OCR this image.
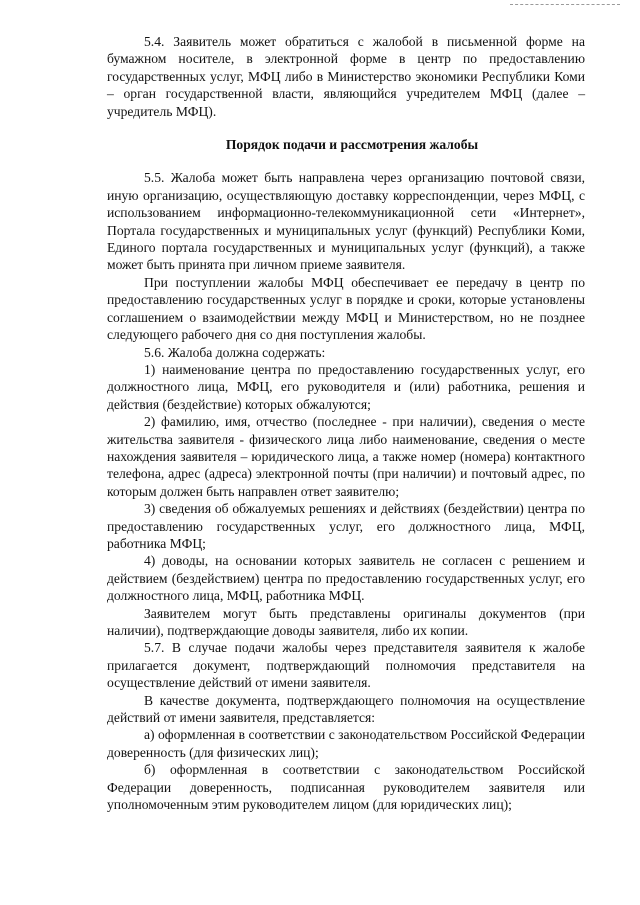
5.4. Заявитель может обратиться с жалобой в письменной форме на бумажном носителе, в электронной форме в центр по предоставлению государственных услуг, МФЦ либо в Министерство экономики Республики Коми – орган государственной власти, являющийся учредителем МФЦ (далее – учредитель МФЦ).

Порядок подачи и рассмотрения жалобы

5.5. Жалоба может быть направлена через организацию почтовой связи, иную организацию, осуществляющую доставку корреспонденции, через МФЦ, с использованием информационно-телекоммуникационной сети «Интернет», Портала государственных и муниципальных услуг (функций) Республики Коми, Единого портала государственных и муниципальных услуг (функций), а также может быть принята при личном приеме заявителя.

При поступлении жалобы МФЦ обеспечивает ее передачу в центр по предоставлению государственных услуг в порядке и сроки, которые установлены соглашением о взаимодействии между МФЦ и Министерством, но не позднее следующего рабочего дня со дня поступления жалобы.

5.6. Жалоба должна содержать:

1) наименование центра по предоставлению государственных услуг, его должностного лица, МФЦ, его руководителя и (или) работника, решения и действия (бездействие) которых обжалуются;

2) фамилию, имя, отчество (последнее - при наличии), сведения о месте жительства заявителя - физического лица либо наименование, сведения о месте нахождения заявителя – юридического лица, а также номер (номера) контактного телефона, адрес (адреса) электронной почты (при наличии) и почтовый адрес, по которым должен быть направлен ответ заявителю;

3) сведения об обжалуемых решениях и действиях (бездействии) центра по предоставлению государственных услуг, его должностного лица, МФЦ, работника МФЦ;

4) доводы, на основании которых заявитель не согласен с решением и действием (бездействием) центра по предоставлению государственных услуг, его должностного лица, МФЦ, работника МФЦ.

Заявителем могут быть представлены оригиналы документов (при наличии), подтверждающие доводы заявителя, либо их копии.

5.7. В случае подачи жалобы через представителя заявителя к жалобе прилагается документ, подтверждающий полномочия представителя на осуществление действий от имени заявителя.

В качестве документа, подтверждающего полномочия на осуществление действий от имени заявителя, представляется:

а) оформленная в соответствии с законодательством Российской Федерации доверенность (для физических лиц);

б) оформленная в соответствии с законодательством Российской Федерации доверенность, подписанная руководителем заявителя или уполномоченным этим руководителем лицом (для юридических лиц);
